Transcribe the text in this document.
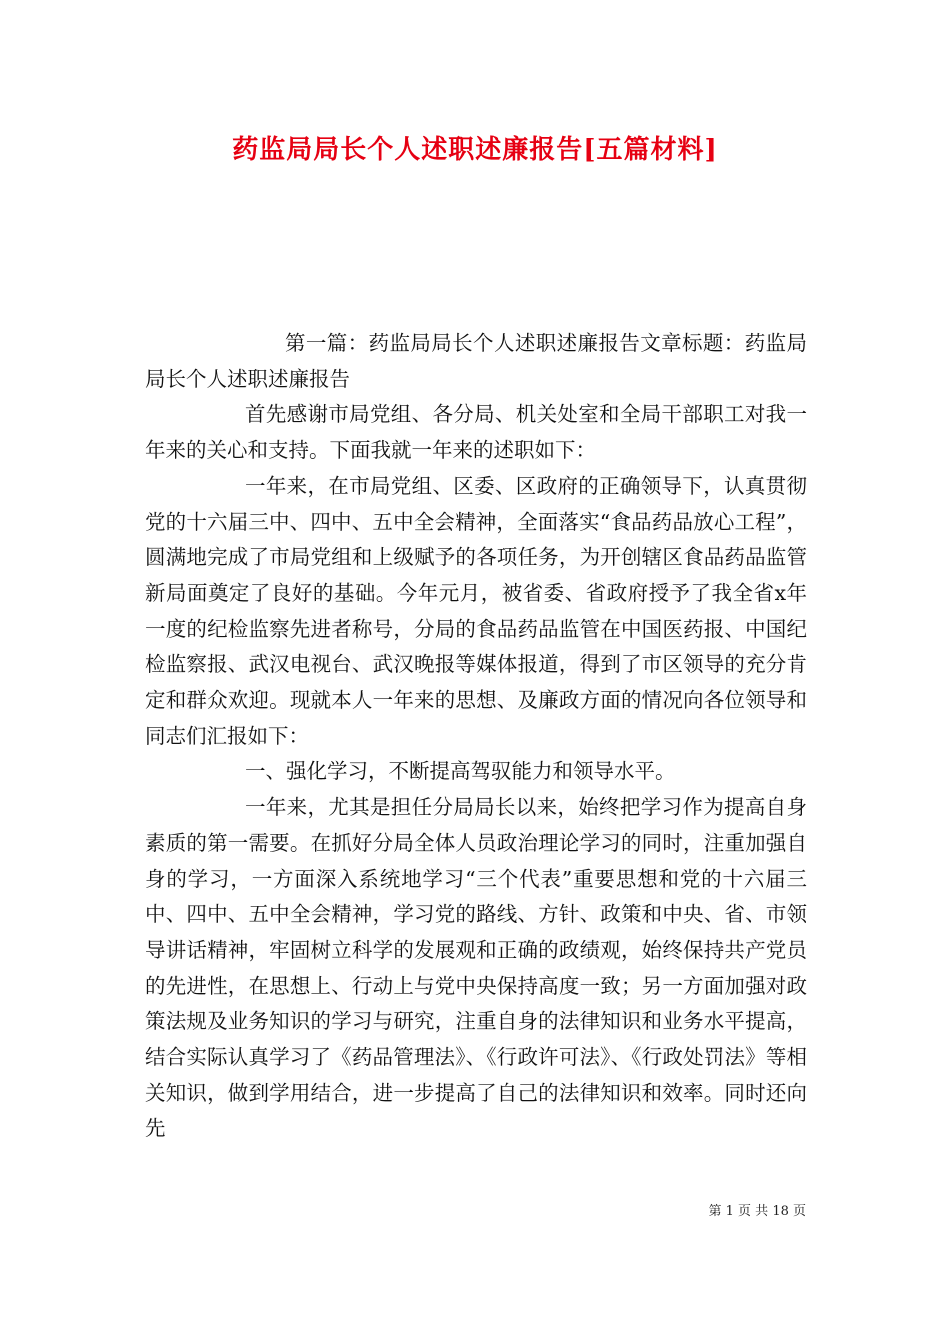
药监局局长个人述职述廉报告[五篇材料]

第一篇：药监局局长个人述职述廉报告文章标题：药监局局长个人述职述廉报告

首先感谢市局党组、各分局、机关处室和全局干部职工对我一年来的关心和支持。下面我就一年来的述职如下：

一年来，在市局党组、区委、区政府的正确领导下，认真贯彻党的十六届三中、四中、五中全会精神，全面落实“食品药品放心工程”，圆满地完成了市局党组和上级赋予的各项任务，为开创辖区食品药品监管新局面奠定了良好的基础。今年元月，被省委、省政府授予了我全省x年一度的纪检监察先进者称号，分局的食品药品监管在中国医药报、中国纪检监察报、武汉电视台、武汉晚报等媒体报道，得到了市区领导的充分肯定和群众欢迎。现就本人一年来的思想、及廉政方面的情况向各位领导和同志们汇报如下：

一、强化学习，不断提高驾驭能力和领导水平。

一年来，尤其是担任分局局长以来，始终把学习作为提高自身素质的第一需要。在抓好分局全体人员政治理论学习的同时，注重加强自身的学习，一方面深入系统地学习“三个代表”重要思想和党的十六届三中、四中、五中全会精神，学习党的路线、方针、政策和中央、省、市领导讲话精神，牢固树立科学的发展观和正确的政绩观，始终保持共产党员的先进性，在思想上、行动上与党中央保持高度一致；另一方面加强对政策法规及业务知识的学习与研究，注重自身的法律知识和业务水平提高，结合实际认真学习了《药品管理法》、《行政许可法》、《行政处罚法》等相关知识，做到学用结合，进一步提高了自己的法律知识和效率。同时还向先

第 1 页 共 18 页
